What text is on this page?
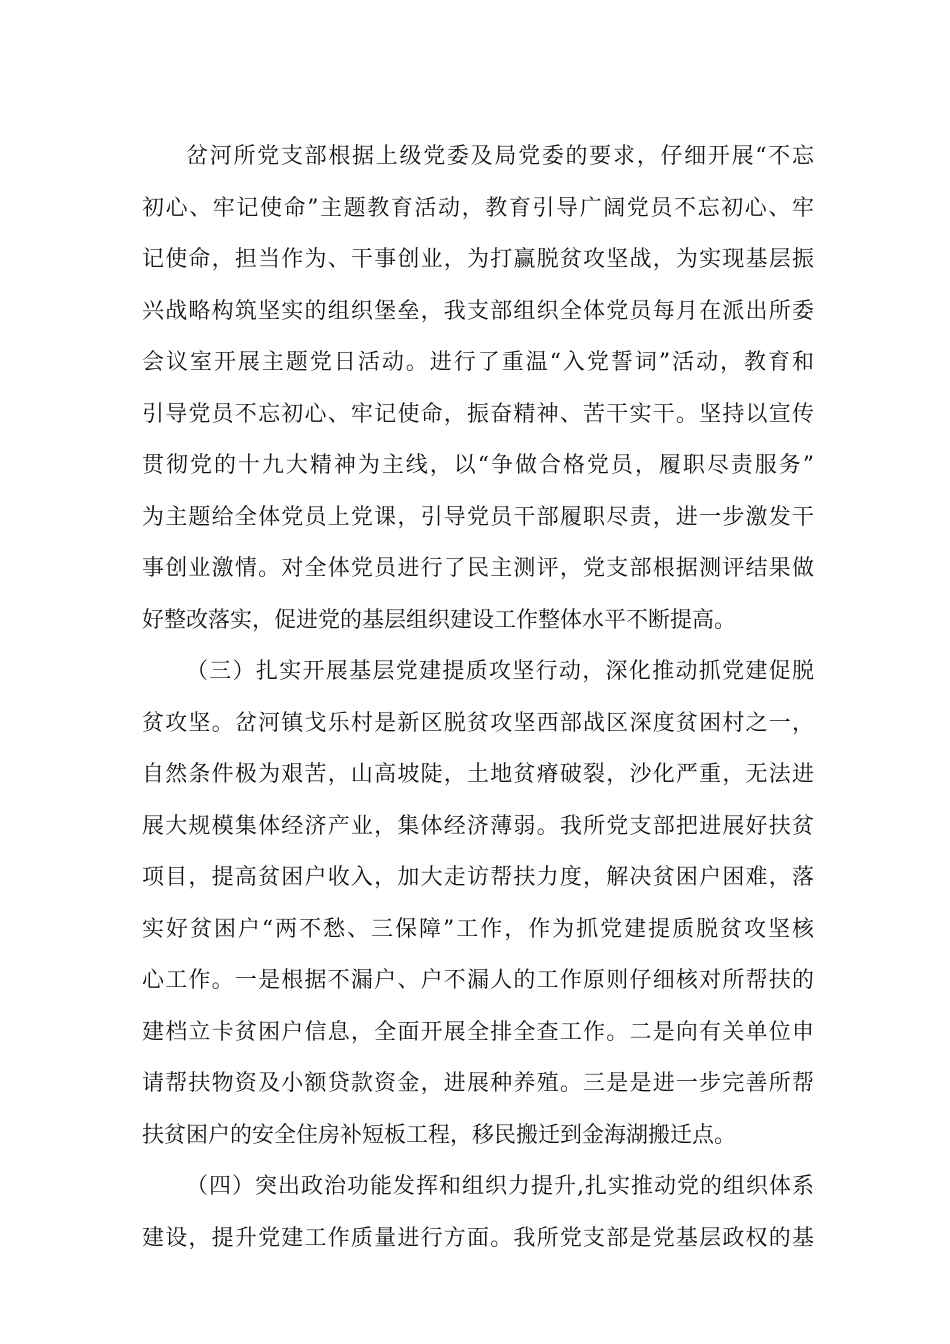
岔河所党支部根据上级党委及局党委的要求，仔细开展“不忘
初心、牢记使命”主题教育活动，教育引导广阔党员不忘初心、牢
记使命，担当作为、干事创业，为打赢脱贫攻坚战，为实现基层振
兴战略构筑坚实的组织堡垒，我支部组织全体党员每月在派出所委
会议室开展主题党日活动。进行了重温“入党誓词”活动，教育和
引导党员不忘初心、牢记使命，振奋精神、苦干实干。坚持以宣传
贯彻党的十九大精神为主线，以“争做合格党员，履职尽责服务”
为主题给全体党员上党课，引导党员干部履职尽责，进一步激发干
事创业激情。对全体党员进行了民主测评，党支部根据测评结果做
好整改落实，促进党的基层组织建设工作整体水平不断提高。
（三）扎实开展基层党建提质攻坚行动，深化推动抓党建促脱
贫攻坚。岔河镇戈乐村是新区脱贫攻坚西部战区深度贫困村之一，
自然条件极为艰苦，山高坡陡，土地贫瘠破裂，沙化严重，无法进
展大规模集体经济产业，集体经济薄弱。我所党支部把进展好扶贫
项目，提高贫困户收入，加大走访帮扶力度，解决贫困户困难，落
实好贫困户“两不愁、三保障”工作，作为抓党建提质脱贫攻坚核
心工作。一是根据不漏户、户不漏人的工作原则仔细核对所帮扶的
建档立卡贫困户信息，全面开展全排全查工作。二是向有关单位申
请帮扶物资及小额贷款资金，进展种养殖。三是是进一步完善所帮
扶贫困户的安全住房补短板工程，移民搬迁到金海湖搬迁点。
（四）突出政治功能发挥和组织力提升,扎实推动党的组织体系
建设，提升党建工作质量进行方面。我所党支部是党基层政权的基
